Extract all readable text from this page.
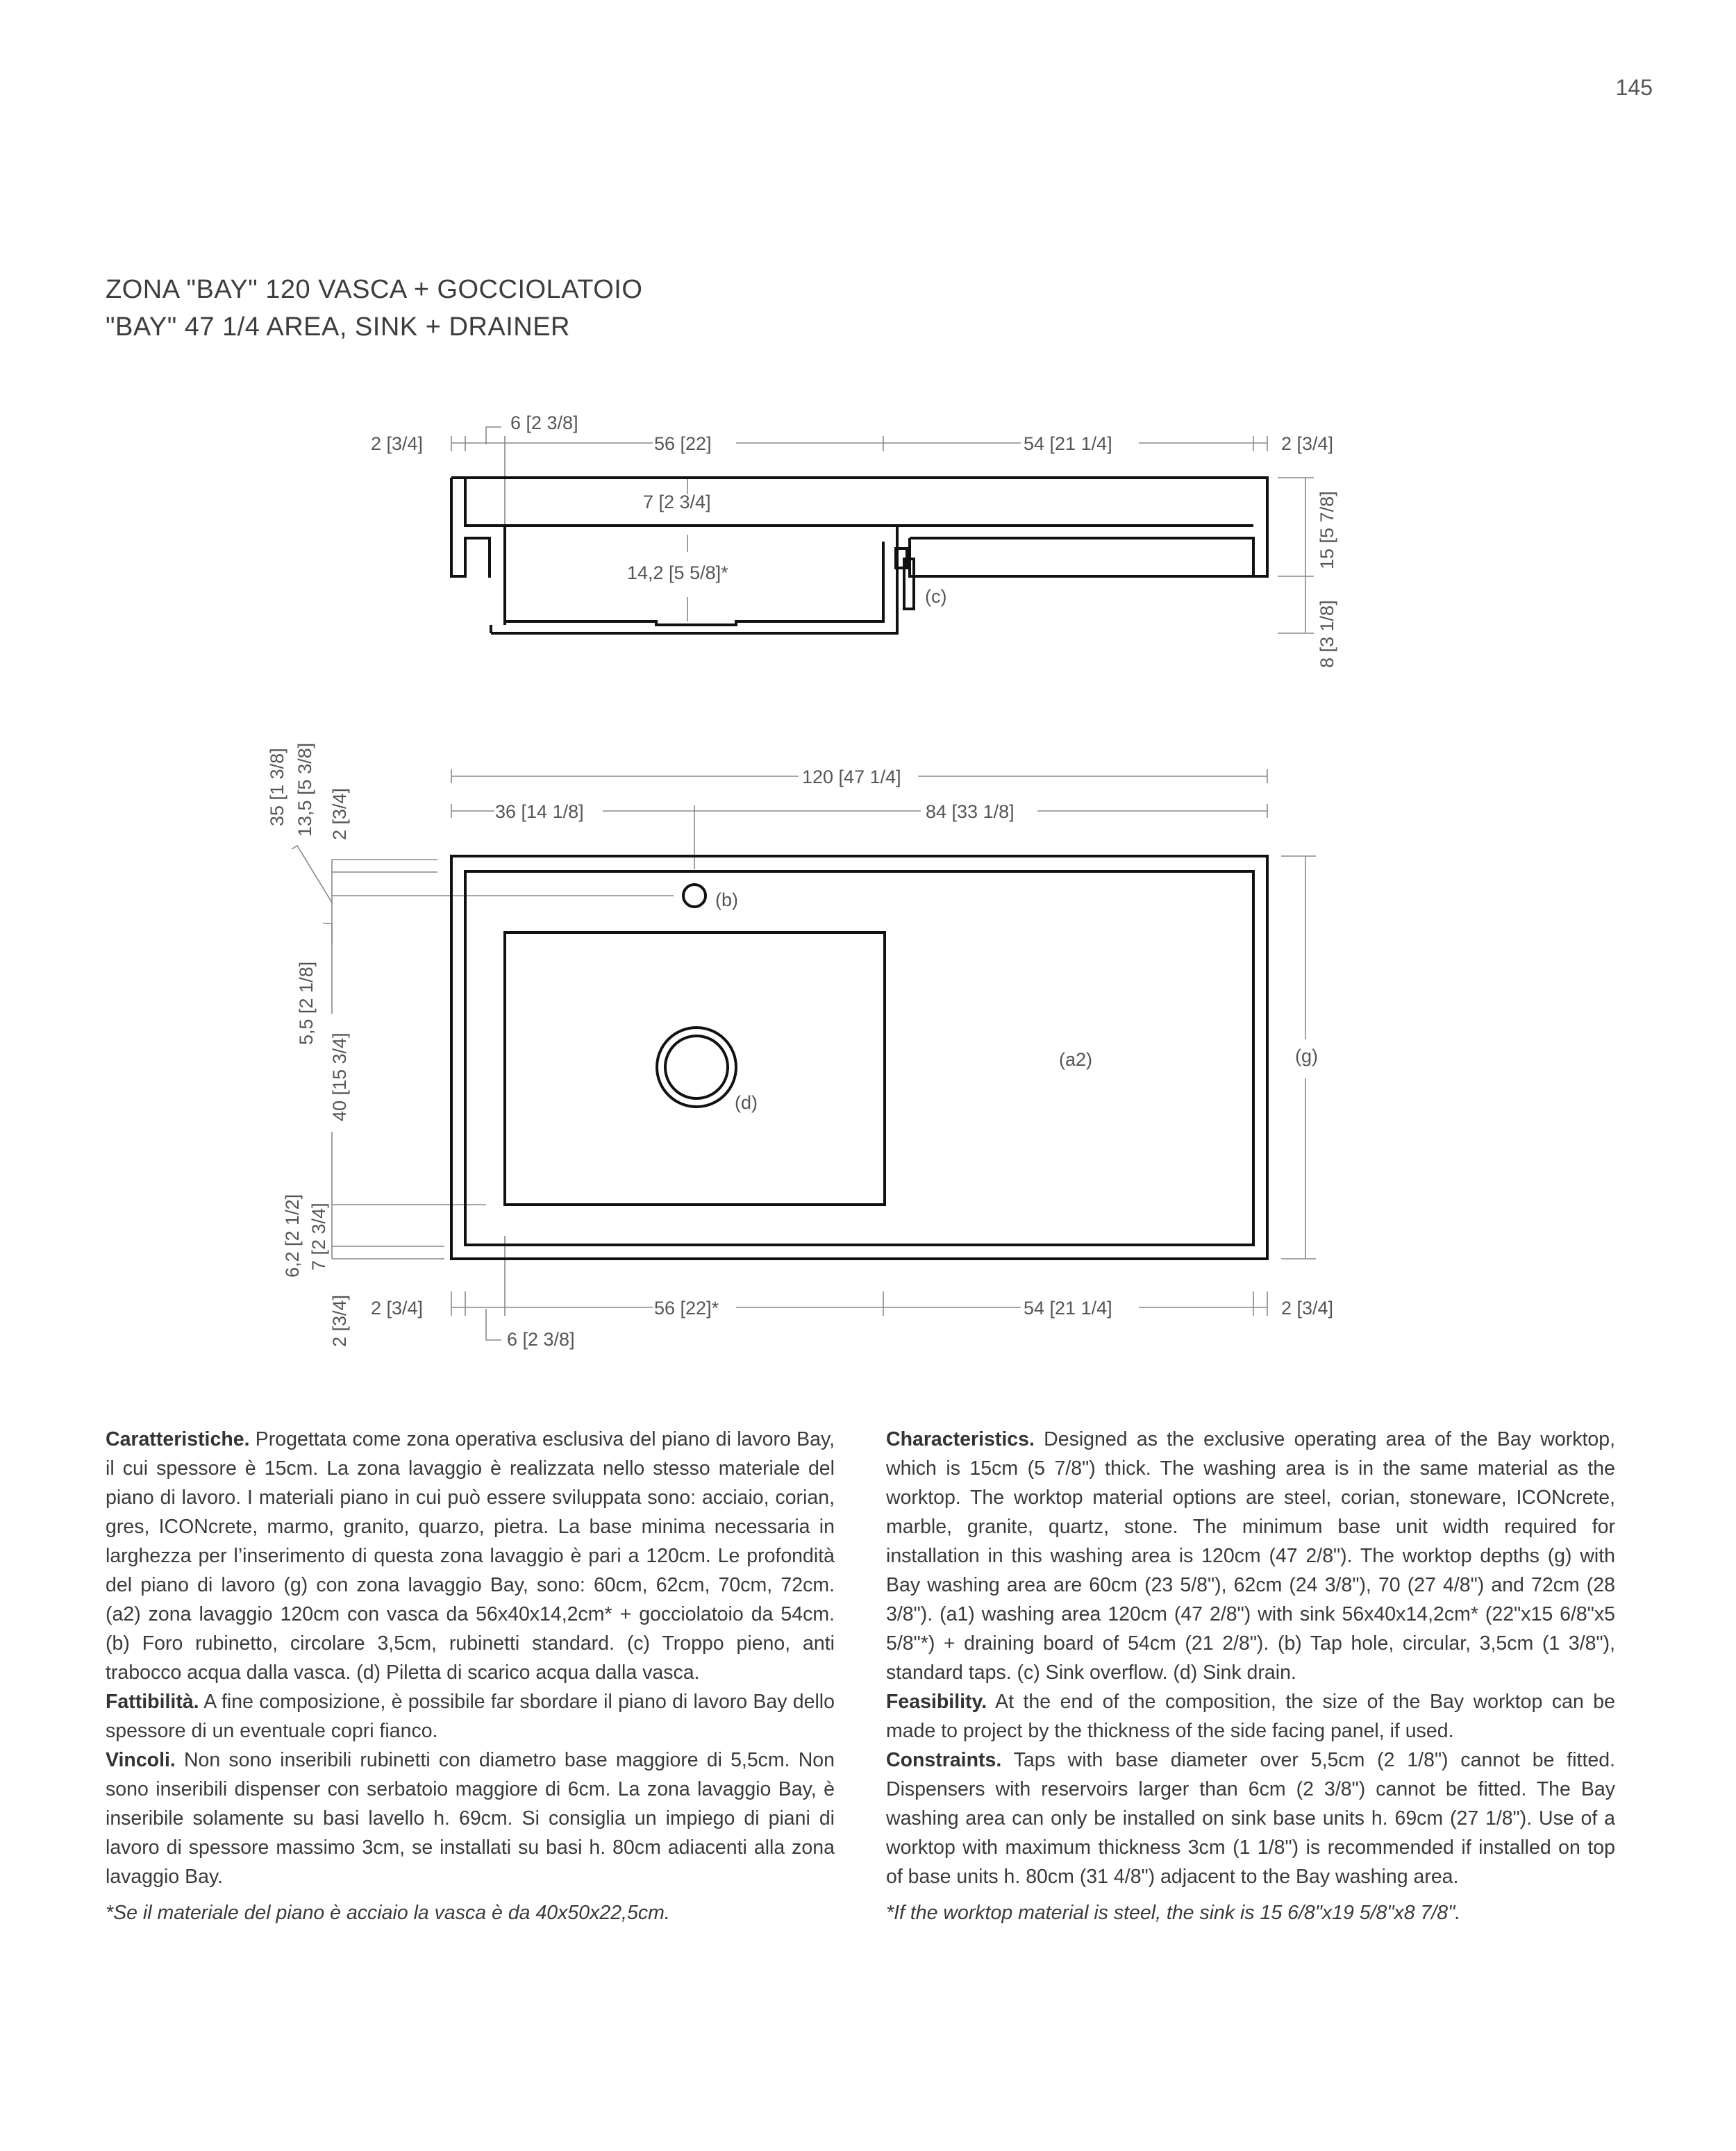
145
ZONA "BAY" 120 VASCA + GOCCIOLATOIO
"BAY" 47 1/4 AREA, SINK + DRAINER
2 [3/4]
6 [2 3/8]
56 [22]	54 [21 1/4]	2 [3/4]
7 [2 3/4]
14,2 [5 5/8]*
(c)
15 [5 7/8]
8 [3 1/8]
120 [47 1/4]
36 [14 1/8]	84 [33 1/8]
(b)
(a2)	(g)
(d)
35 [1 3/8] 13,5 [5 3/8] 2 [3/4]
5,5 [2 1/8]
40 [15 3/4]
6,2 [2 1/2] 7 [2 3/4]
2 [3/4] 2 [3/4]	56 [22]*	54 [21 1/4]	2 [3/4]
6 [2 3/8]

Caratteristiche. Progettata come zona operativa esclusiva del piano di lavoro Bay, il cui spessore è 15cm. La zona lavaggio è realizzata nello stesso materiale del piano di lavoro. I materiali piano in cui può essere sviluppata sono: acciaio, corian, gres, ICONcrete, marmo, granito, quarzo, pietra. La base minima necessaria in larghezza per l’inserimento di questa zona lavaggio è pari a 120cm. Le profondità del piano di lavoro (g) con zona lavaggio Bay, sono: 60cm, 62cm, 70cm, 72cm. (a2) zona lavaggio 120cm con vasca da 56x40x14,2cm* + gocciolatoio da 54cm. (b) Foro rubinetto, circolare 3,5cm, rubinetti standard. (c) Troppo pieno, anti trabocco acqua dalla vasca. (d) Piletta di scarico acqua dalla vasca.

Fattibilità. A fine composizione, è possibile far sbordare il piano di lavoro Bay dello spessore di un eventuale copri fianco.

Vincoli. Non sono inseribili rubinetti con diametro base maggiore di 5,5cm. Non sono inseribili dispenser con serbatoio maggiore di 6cm. La zona lavaggio Bay, è inseribile solamente su basi lavello h. 69cm. Si consiglia un impiego di piani di lavoro di spessore massimo 3cm, se installati su basi h. 80cm adiacenti alla zona lavaggio Bay.

*Se il materiale del piano è acciaio la vasca è da 40x50x22,5cm.

Characteristics. Designed as the exclusive operating area of the Bay worktop, which is 15cm (5 7/8") thick. The washing area is in the same material as the worktop. The worktop material options are steel, corian, stoneware, ICONcrete, marble, granite, quartz, stone. The minimum base unit width required for installation in this washing area is 120cm (47 2/8"). The worktop depths (g) with Bay washing area are 60cm (23 5/8"), 62cm (24 3/8"), 70 (27 4/8") and 72cm (28 3/8"). (a1) washing area 120cm (47 2/8") with sink 56x40x14,2cm* (22"x15 6/8"x5 5/8"*) + draining board of 54cm (21 2/8"). (b) Tap hole, circular, 3,5cm (1 3/8"), standard taps. (c) Sink overflow. (d) Sink drain.

Feasibility. At the end of the composition, the size of the Bay worktop can be made to project by the thickness of the side facing panel, if used.

Constraints. Taps with base diameter over 5,5cm (2 1/8") cannot be fitted. Dispensers with reservoirs larger than 6cm (2 3/8") cannot be fitted. The Bay washing area can only be installed on sink base units h. 69cm (27 1/8"). Use of a worktop with maximum thickness 3cm (1 1/8") is recommended if installed on top of base units h. 80cm (31 4/8") adjacent to the Bay washing area.

*If the worktop material is steel, the sink is 15 6/8"x19 5/8"x8 7/8".
